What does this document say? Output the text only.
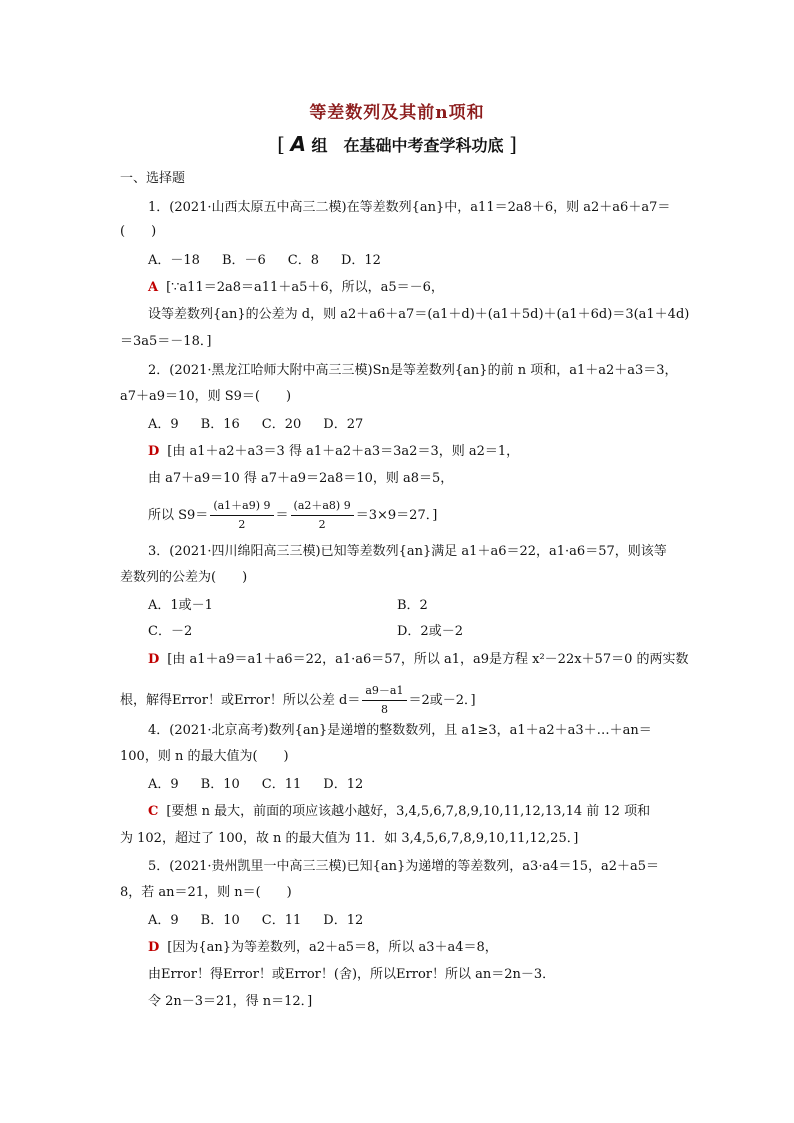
等差数列及其前n项和
[ A 组　在基础中考查学科功底 ]
一、选择题
1．(2021·山西太原五中高三二模)在等差数列{an}中，a11＝2a8＋6，则 a2＋a6＋a7＝
(　　)
A．－18 B．－6 C．8 D．12
A [∵a11＝2a8＝a11＋a5＋6，所以，a5＝－6，
设等差数列{an}的公差为 d，则 a2＋a6＋a7＝(a1＋d)＋(a1＋5d)＋(a1＋6d)＝3(a1＋4d)
＝3a5＝－18．]
2．(2021·黑龙江哈师大附中高三三模)Sn是等差数列{an}的前 n 项和，a1＋a2＋a3＝3，
a7＋a9＝10，则 S9＝(　　)
A．9 B．16 C．20 D．27
D [由 a1＋a2＋a3＝3 得 a1＋a2＋a3＝3a2＝3，则 a2＝1，
由 a7＋a9＝10 得 a7＋a9＝2a8＝10，则 a8＝5，
所以 $S9= \frac{(a1+a9) 9}{2} = \frac{(a2+a8) 9}{2} =3\times 9=27$．]
3．(2021·四川绵阳高三三模)已知等差数列{an}满足 a1＋a6＝22，a1·a6＝57，则该等
差数列的公差为(　　)
A．1或－1	B．2
C．－2	D．2或－2
D [由 a1＋a9＝a1＋a6＝22，a1·a6＝57，所以 a1，a9是方程 x²－22x＋57＝0 的两实数
根，解得Error！或Error！所以公差 $d= \frac{a9-a1}{8} =2$或－2．]
4．(2021·北京高考)数列{an}是递增的整数数列，且 a1≥3，a1＋a2＋a3＋…＋an＝
100，则 n 的最大值为(　　)
A．9 B．10 C．11 D．12
C [要想 n 最大，前面的项应该越小越好，3,4,5,6,7,8,9,10,11,12,13,14 前 12 项和
为 102，超过了 100，故 n 的最大值为 11．如 3,4,5,6,7,8,9,10,11,12,25．]
5．(2021·贵州凯里一中高三三模)已知{an}为递增的等差数列，a3·a4＝15，a2＋a5＝
8，若 an＝21，则 n＝(　　)
A．9 B．10 C．11 D．12
D [因为{an}为等差数列，a2＋a5＝8，所以 a3＋a4＝8，
由Error！得Error！或Error！(舍)，所以Error！所以 an＝2n－3．
令 2n－3＝21，得 n＝12．]
